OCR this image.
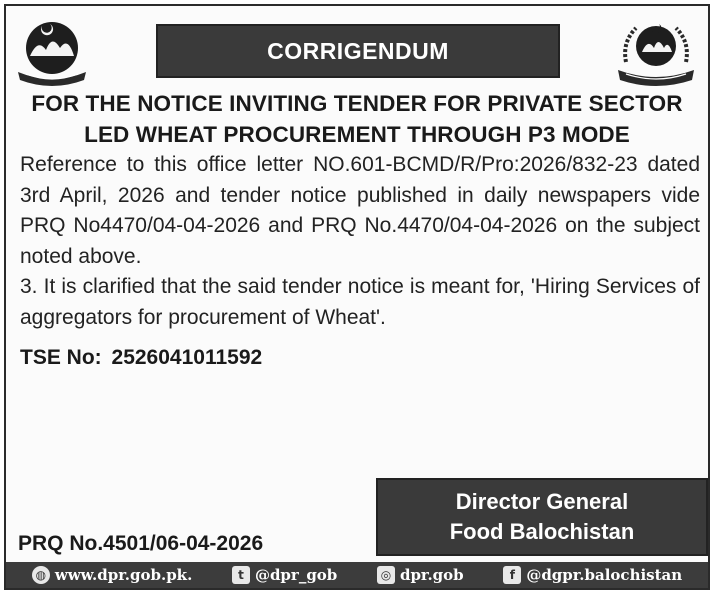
CORRIGENDUM
FOR THE NOTICE INVITING TENDER FOR PRIVATE SECTOR
LED WHEAT PROCUREMENT THROUGH P3 MODE

Reference to this office letter NO.601-BCMD/R/Pro:2026/832-23 dated 3rd April, 2026 and tender notice published in daily newspapers vide PRQ No4470/04-04-2026 and PRQ No.4470/04-04-2026 on the subject noted above.

3. It is clarified that the said tender notice is meant for, 'Hiring Services of aggregators for procurement of Wheat'.

TSE No: 2526041011592
Director General
Food Balochistan
PRQ No.4501/06-04-2026
◍ www.dpr.gob.pk.	t @dpr_gob	◎ dpr.gob	f @dgpr.balochistan
